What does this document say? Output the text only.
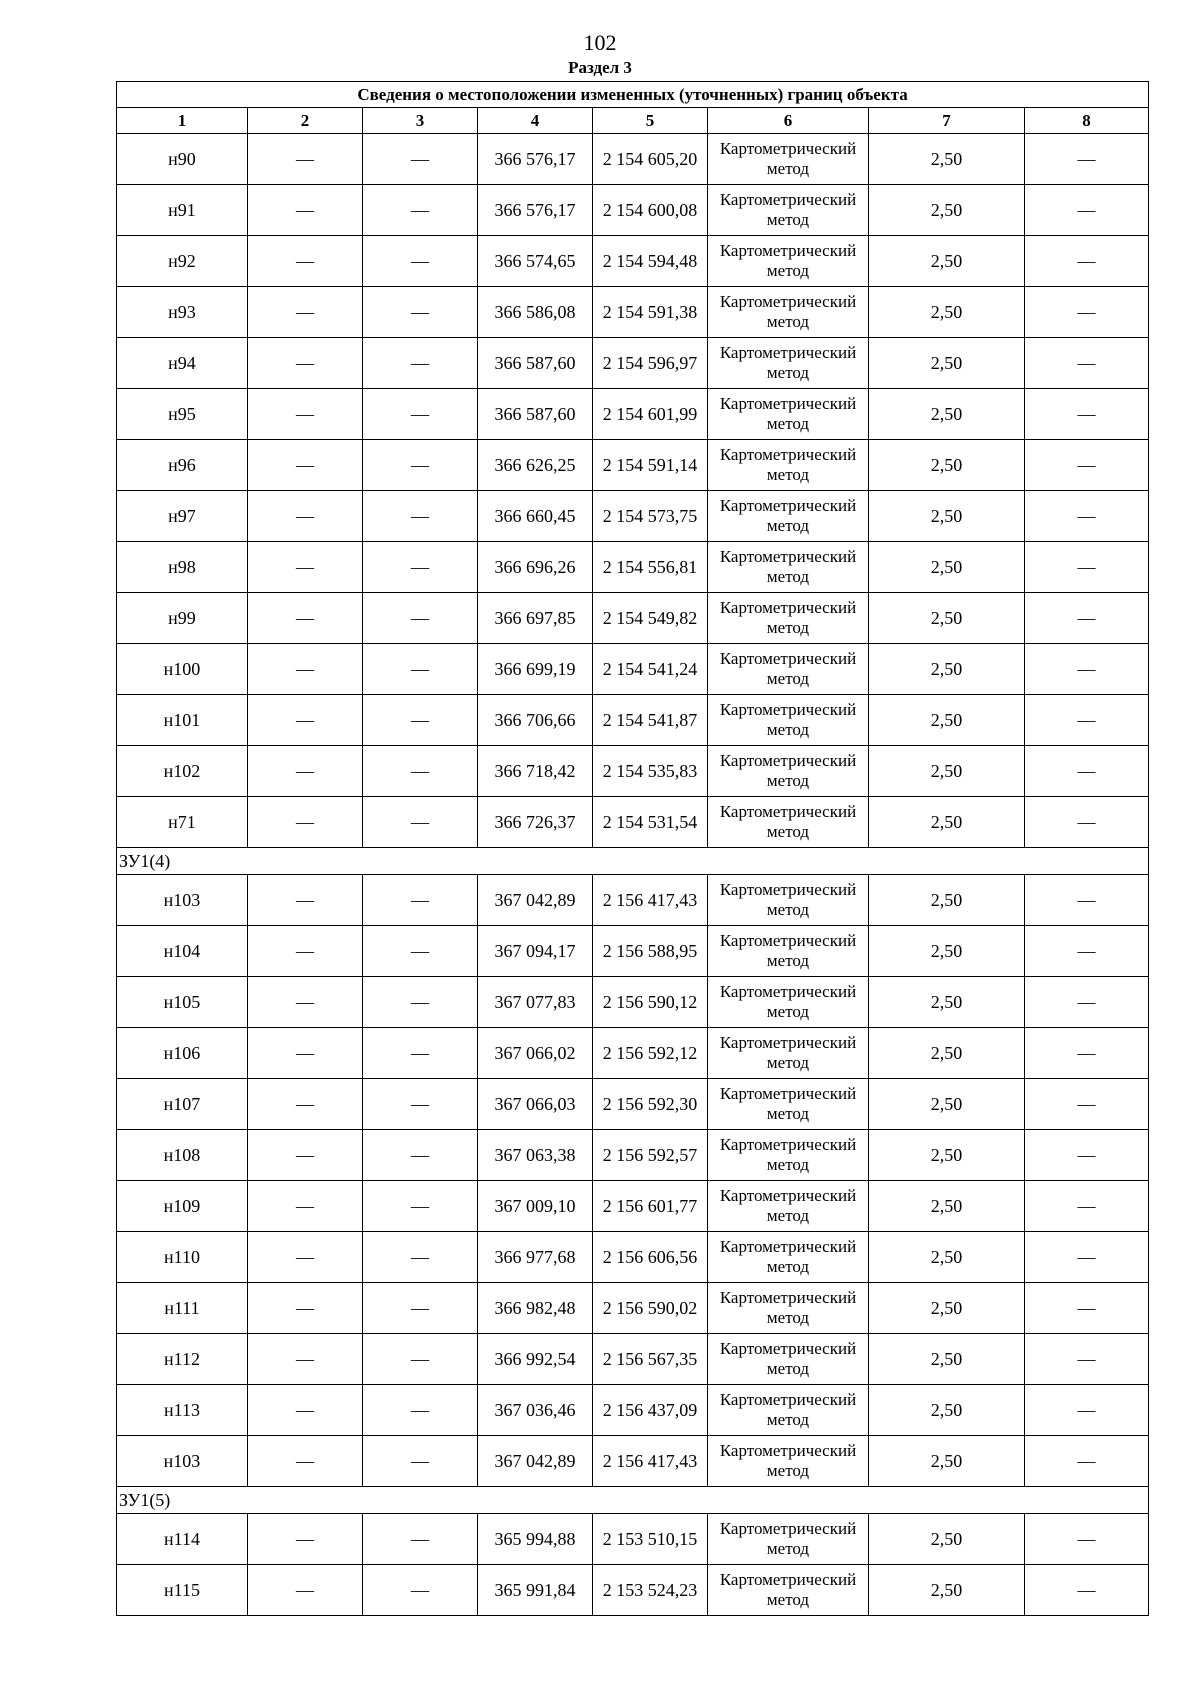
102
Раздел 3
Сведения о местоположении измененных (уточненных) границ объекта							
1	2	3	4	5	6	7	8
н90	—	—	366 576,17	2 154 605,20	Картометрический метод	2,50	—
н91	—	—	366 576,17	2 154 600,08	Картометрический метод	2,50	—
н92	—	—	366 574,65	2 154 594,48	Картометрический метод	2,50	—
н93	—	—	366 586,08	2 154 591,38	Картометрический метод	2,50	—
н94	—	—	366 587,60	2 154 596,97	Картометрический метод	2,50	—
н95	—	—	366 587,60	2 154 601,99	Картометрический метод	2,50	—
н96	—	—	366 626,25	2 154 591,14	Картометрический метод	2,50	—
н97	—	—	366 660,45	2 154 573,75	Картометрический метод	2,50	—
н98	—	—	366 696,26	2 154 556,81	Картометрический метод	2,50	—
н99	—	—	366 697,85	2 154 549,82	Картометрический метод	2,50	—
н100	—	—	366 699,19	2 154 541,24	Картометрический метод	2,50	—
н101	—	—	366 706,66	2 154 541,87	Картометрический метод	2,50	—
н102	—	—	366 718,42	2 154 535,83	Картометрический метод	2,50	—
н71	—	—	366 726,37	2 154 531,54	Картометрический метод	2,50	—
ЗУ1(4)							
н103	—	—	367 042,89	2 156 417,43	Картометрический метод	2,50	—
н104	—	—	367 094,17	2 156 588,95	Картометрический метод	2,50	—
н105	—	—	367 077,83	2 156 590,12	Картометрический метод	2,50	—
н106	—	—	367 066,02	2 156 592,12	Картометрический метод	2,50	—
н107	—	—	367 066,03	2 156 592,30	Картометрический метод	2,50	—
н108	—	—	367 063,38	2 156 592,57	Картометрический метод	2,50	—
н109	—	—	367 009,10	2 156 601,77	Картометрический метод	2,50	—
н110	—	—	366 977,68	2 156 606,56	Картометрический метод	2,50	—
н111	—	—	366 982,48	2 156 590,02	Картометрический метод	2,50	—
н112	—	—	366 992,54	2 156 567,35	Картометрический метод	2,50	—
н113	—	—	367 036,46	2 156 437,09	Картометрический метод	2,50	—
н103	—	—	367 042,89	2 156 417,43	Картометрический метод	2,50	—
ЗУ1(5)							
н114	—	—	365 994,88	2 153 510,15	Картометрический метод	2,50	—
н115	—	—	365 991,84	2 153 524,23	Картометрический метод	2,50	—
